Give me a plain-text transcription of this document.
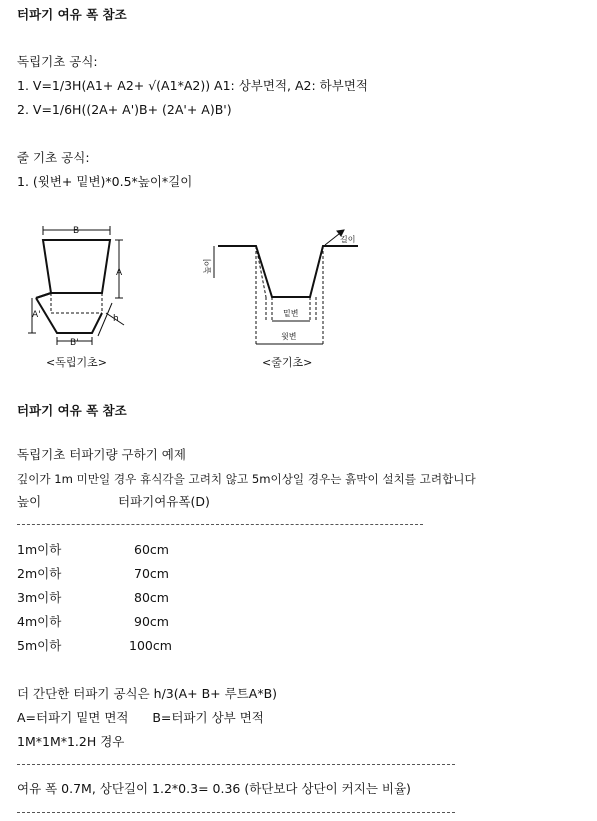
터파기 여유 폭 참조
독립기초 공식:
1. V=1/3H(A1+ A2+ √(A1*A2)) A1: 상부면적, A2: 하부면적
2. V=1/6H((2A+ A')B+ (2A'+ A)B')
줄 기초 공식:
1. (윗변+ 밑변)*0.5*높이*길이
B
A
A'	h
B'
<독립기초>
높이
길이
밑변
윗변
<줄기초>
터파기 여유 폭 참조
독립기초 터파기량 구하기 예제
깊이가 1m 미만일 경우 휴식각을 고려치 않고 5m이상일 경우는 흙막이 설치를 고려합니다
높이	터파기여유폭(D)
1m이하	60cm
2m이하	70cm
3m이하	80cm
4m이하	90cm
5m이하	100cm
더 간단한 터파기 공식은 h/3(A+ B+ 루트A*B)
A=터파기 밑면 면적      B=터파기 상부 면적
1M*1M*1.2H 경우
여유 폭 0.7M, 상단길이 1.2*0.3= 0.36 (하단보다 상단이 커지는 비율)
